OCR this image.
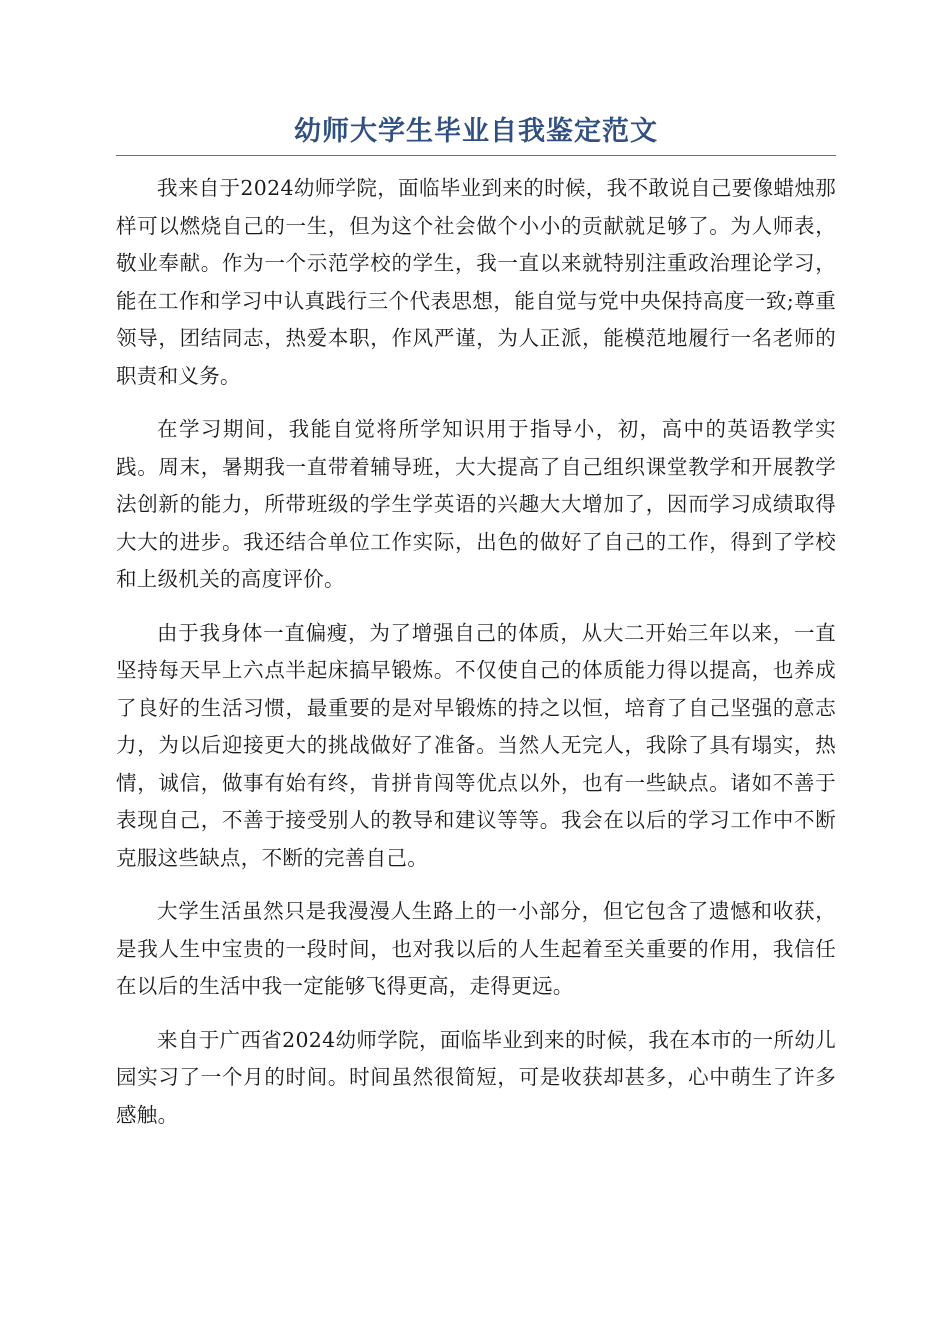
幼师大学生毕业自我鉴定范文

我来自于2024幼师学院，面临毕业到来的时候，我不敢说自己要像蜡烛那样可以燃烧自己的一生，但为这个社会做个小小的贡献就足够了。为人师表，敬业奉献。作为一个示范学校的学生，我一直以来就特别注重政治理论学习，能在工作和学习中认真践行三个代表思想，能自觉与党中央保持高度一致;尊重领导，团结同志，热爱本职，作风严谨，为人正派，能模范地履行一名老师的职责和义务。

在学习期间，我能自觉将所学知识用于指导小，初，高中的英语教学实践。周末，暑期我一直带着辅导班，大大提高了自己组织课堂教学和开展教学法创新的能力，所带班级的学生学英语的兴趣大大增加了，因而学习成绩取得大大的进步。我还结合单位工作实际，出色的做好了自己的工作，得到了学校和上级机关的高度评价。

由于我身体一直偏瘦，为了增强自己的体质，从大二开始三年以来，一直坚持每天早上六点半起床搞早锻炼。不仅使自己的体质能力得以提高，也养成了良好的生活习惯，最重要的是对早锻炼的持之以恒，培育了自己坚强的意志力，为以后迎接更大的挑战做好了准备。当然人无完人，我除了具有塌实，热情，诚信，做事有始有终，肯拼肯闯等优点以外，也有一些缺点。诸如不善于表现自己，不善于接受别人的教导和建议等等。我会在以后的学习工作中不断克服这些缺点，不断的完善自己。

大学生活虽然只是我漫漫人生路上的一小部分，但它包含了遗憾和收获，是我人生中宝贵的一段时间，也对我以后的人生起着至关重要的作用，我信任在以后的生活中我一定能够飞得更高，走得更远。

来自于广西省2024幼师学院，面临毕业到来的时候，我在本市的一所幼儿园实习了一个月的时间。时间虽然很简短，可是收获却甚多，心中萌生了许多感触。
